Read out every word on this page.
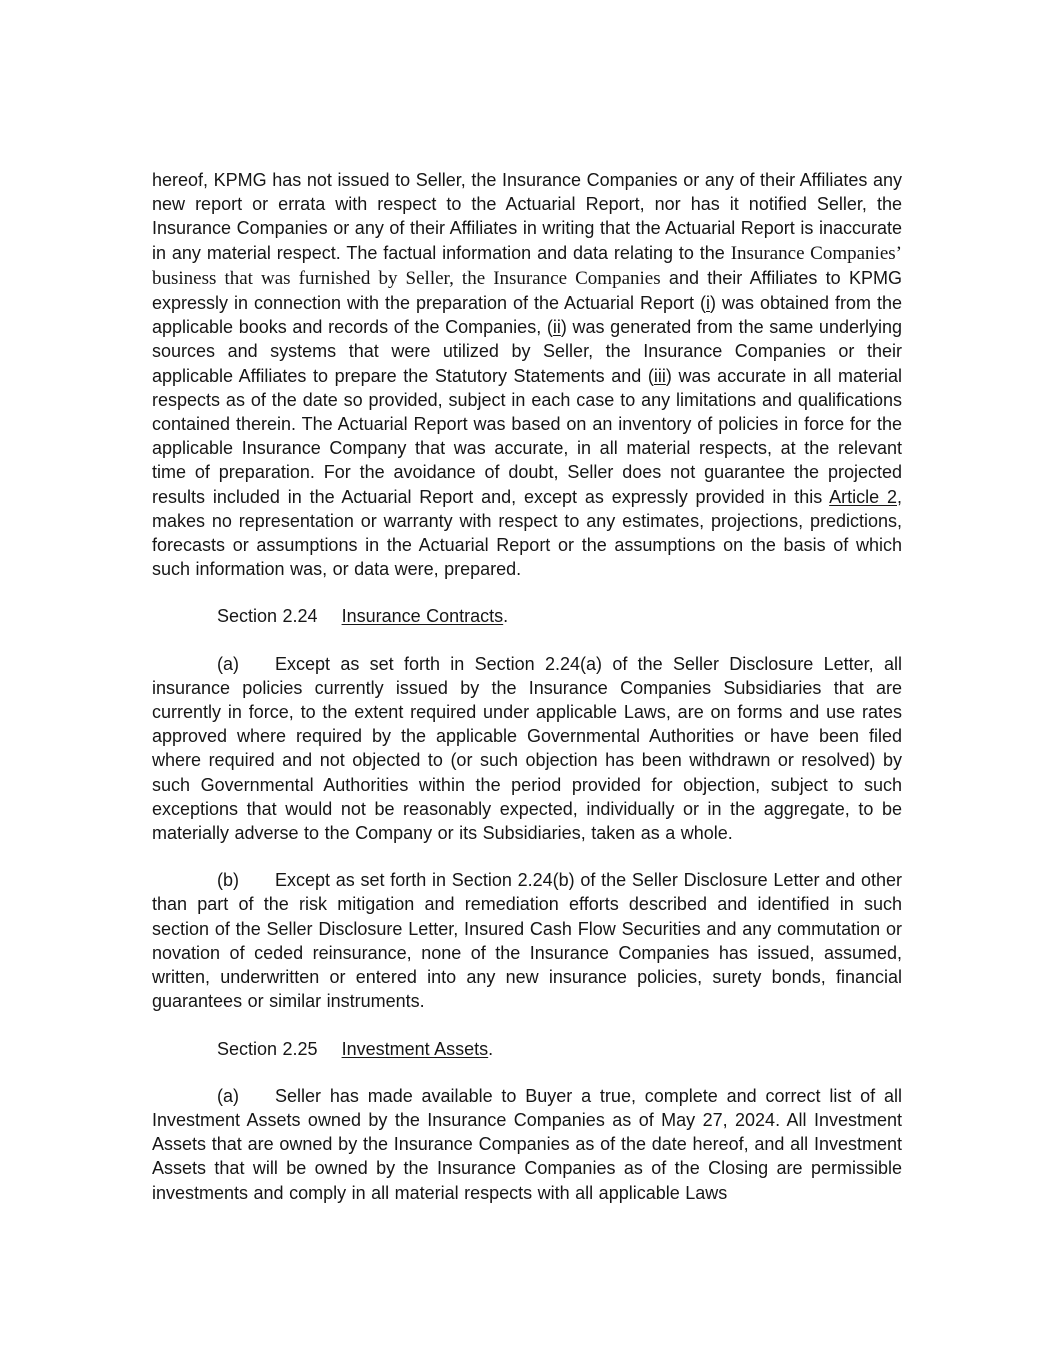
hereof, KPMG has not issued to Seller, the Insurance Companies or any of their Affiliates any new report or errata with respect to the Actuarial Report, nor has it notified Seller, the Insurance Companies or any of their Affiliates in writing that the Actuarial Report is inaccurate in any material respect. The factual information and data relating to the Insurance Companies’ business that was furnished by Seller, the Insurance Companies and their Affiliates to KPMG expressly in connection with the preparation of the Actuarial Report (i) was obtained from the applicable books and records of the Companies, (ii) was generated from the same underlying sources and systems that were utilized by Seller, the Insurance Companies or their applicable Affiliates to prepare the Statutory Statements and (iii) was accurate in all material respects as of the date so provided, subject in each case to any limitations and qualifications contained therein. The Actuarial Report was based on an inventory of policies in force for the applicable Insurance Company that was accurate, in all material respects, at the relevant time of preparation. For the avoidance of doubt, Seller does not guarantee the projected results included in the Actuarial Report and, except as expressly provided in this Article 2, makes no representation or warranty with respect to any estimates, projections, predictions, forecasts or assumptions in the Actuarial Report or the assumptions on the basis of which such information was, or data were, prepared.

Section 2.24 Insurance Contracts.

(a) Except as set forth in Section 2.24(a) of the Seller Disclosure Letter, all insurance policies currently issued by the Insurance Companies Subsidiaries that are currently in force, to the extent required under applicable Laws, are on forms and use rates approved where required by the applicable Governmental Authorities or have been filed where required and not objected to (or such objection has been withdrawn or resolved) by such Governmental Authorities within the period provided for objection, subject to such exceptions that would not be reasonably expected, individually or in the aggregate, to be materially adverse to the Company or its Subsidiaries, taken as a whole.

(b) Except as set forth in Section 2.24(b) of the Seller Disclosure Letter and other than part of the risk mitigation and remediation efforts described and identified in such section of the Seller Disclosure Letter, Insured Cash Flow Securities and any commutation or novation of ceded reinsurance, none of the Insurance Companies has issued, assumed, written, underwritten or entered into any new insurance policies, surety bonds, financial guarantees or similar instruments.

Section 2.25 Investment Assets.

(a) Seller has made available to Buyer a true, complete and correct list of all Investment Assets owned by the Insurance Companies as of May 27, 2024. All Investment Assets that are owned by the Insurance Companies as of the date hereof, and all Investment Assets that will be owned by the Insurance Companies as of the Closing are permissible investments and comply in all material respects with all applicable Laws
